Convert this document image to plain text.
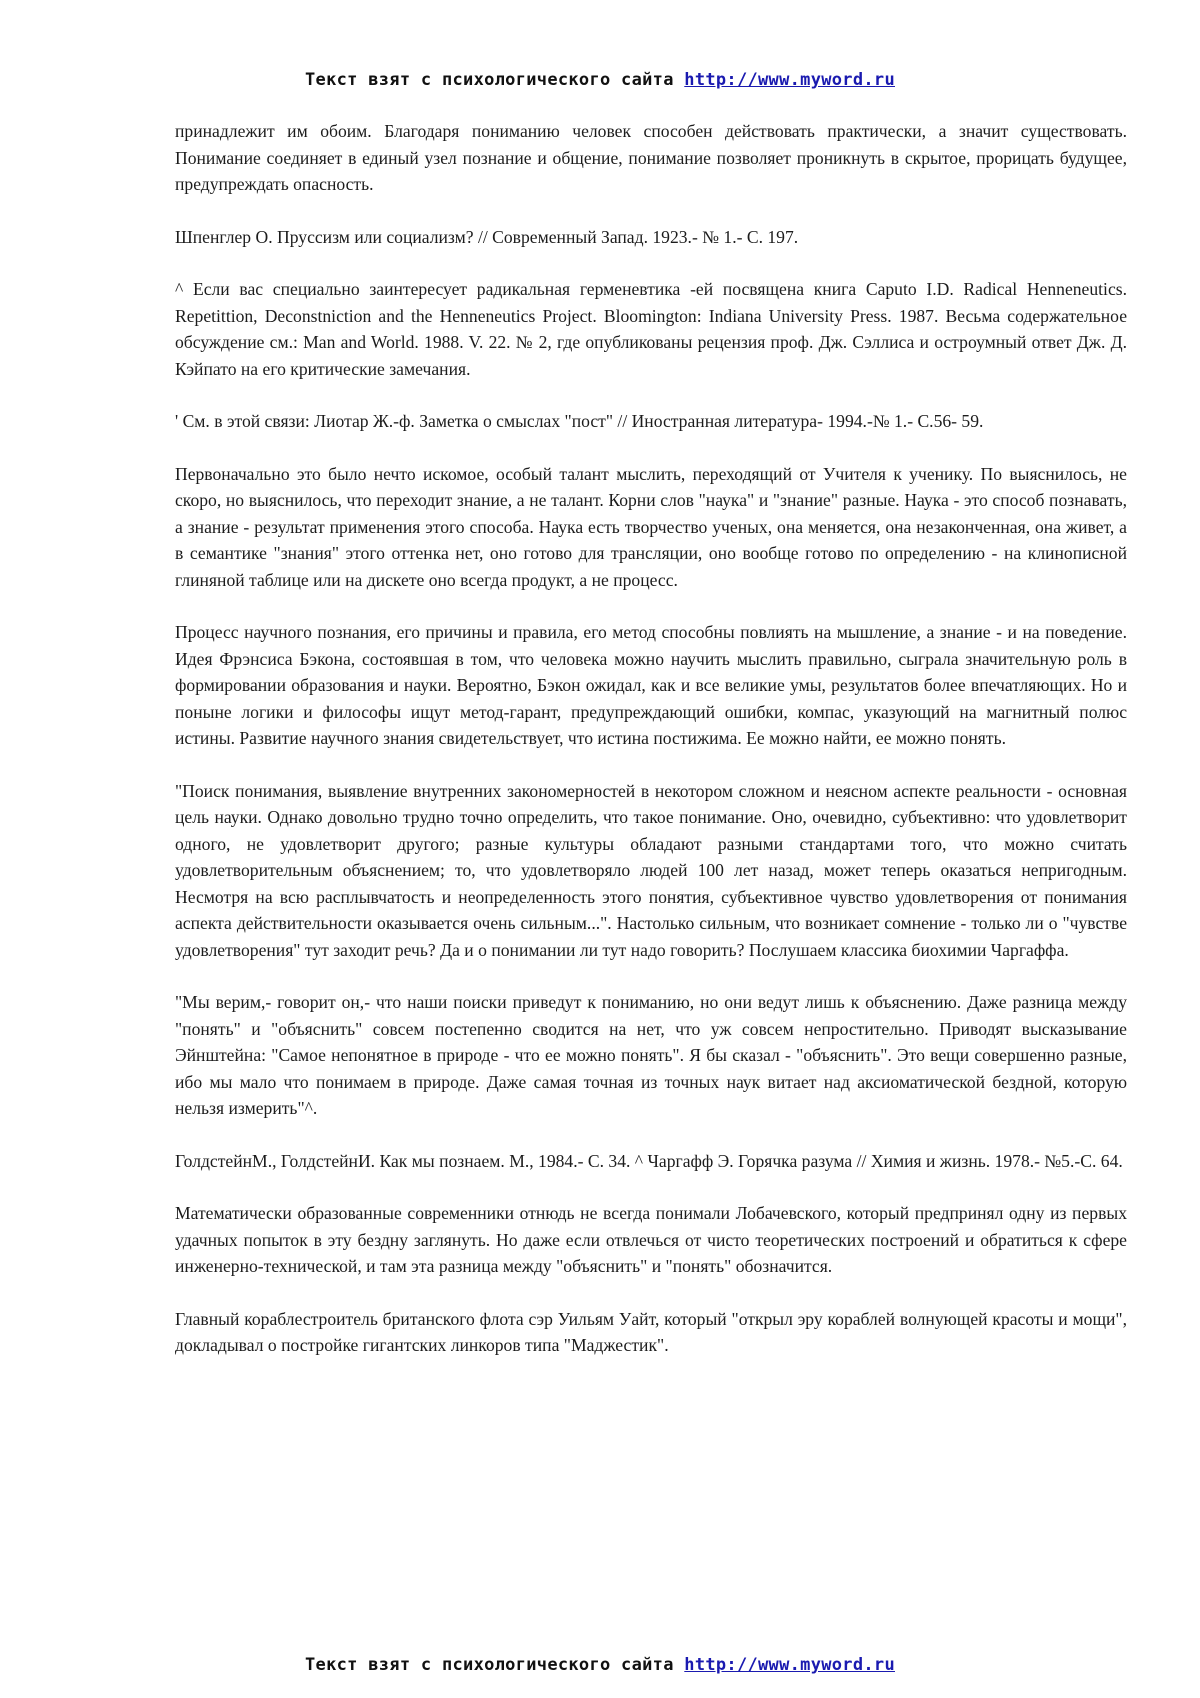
Текст взят с психологического сайта http://www.myword.ru

принадлежит им обоим. Благодаря пониманию человек способен действовать практически, а значит существовать. Понимание соединяет в единый узел познание и общение, понимание позволяет проникнуть в скрытое, прорицать будущее, предупреждать опасность.

Шпенглер О. Пруссизм или социализм? // Современный Запад. 1923.- № 1.- С. 197.

^ Если вас специально заинтересует радикальная герменевтика -ей посвящена книга Caputo I.D. Radical Henneneutics. Repetittion, Deconstniction and the Henneneutics Project. Bloomington: Indiana University Press. 1987. Весьма содержательное обсуждение см.: Man and World. 1988. V. 22. № 2, где опубликованы рецензия проф. Дж. Сэллиса и остроумный ответ Дж. Д. Кэйпато на его критические замечания.

' См. в этой связи: Лиотар Ж.-ф. Заметка о смыслах "пост" // Иностранная литература- 1994.-№ 1.- С.56- 59.

Первоначально это было нечто искомое, особый талант мыслить, переходящий от Учителя к ученику. По выяснилось, не скоро, но выяснилось, что переходит знание, а не талант. Корни слов "наука" и "знание" разные. Наука - это способ познавать, а знание - результат применения этого способа. Наука есть творчество ученых, она меняется, она незаконченная, она живет, а в семантике "знания" этого оттенка нет, оно готово для трансляции, оно вообще готово по определению - на клинописной глиняной таблице или на дискете оно всегда продукт, а не процесс.

Процесс научного познания, его причины и правила, его метод способны повлиять на мышление, а знание - и на поведение. Идея Фрэнсиса Бэкона, состоявшая в том, что человека можно научить мыслить правильно, сыграла значительную роль в формировании образования и науки. Вероятно, Бэкон ожидал, как и все великие умы, результатов более впечатляющих. Но и поныне логики и философы ищут метод-гарант, предупреждающий ошибки, компас, указующий на магнитный полюс истины. Развитие научного знания свидетельствует, что истина постижима. Ее можно найти, ее можно понять.

"Поиск понимания, выявление внутренних закономерностей в некотором сложном и неясном аспекте реальности - основная цель науки. Однако довольно трудно точно определить, что такое понимание. Оно, очевидно, субъективно: что удовлетворит одного, не удовлетворит другого; разные культуры обладают разными стандартами того, что можно считать удовлетворительным объяснением; то, что удовлетворяло людей 100 лет назад, может теперь оказаться непригодным. Несмотря на всю расплывчатость и неопределенность этого понятия, субъективное чувство удовлетворения от понимания аспекта действительности оказывается очень сильным...". Настолько сильным, что возникает сомнение - только ли о "чувстве удовлетворения" тут заходит речь? Да и о понимании ли тут надо говорить? Послушаем классика биохимии Чаргаффа.

"Мы верим,- говорит он,- что наши поиски приведут к пониманию, но они ведут лишь к объяснению. Даже разница между "понять" и "объяснить" совсем постепенно сводится на нет, что уж совсем непростительно. Приводят высказывание Эйнштейна: "Самое непонятное в природе - что ее можно понять". Я бы сказал - "объяснить". Это вещи совершенно разные, ибо мы мало что понимаем в природе. Даже самая точная из точных наук витает над аксиоматической бездной, которую нельзя измерить"^.

ГолдстейнМ., ГолдстейнИ. Как мы познаем. М., 1984.- С. 34. ^ Чаргафф Э. Горячка разума // Химия и жизнь. 1978.- №5.-С. 64.

Математически образованные современники отнюдь не всегда понимали Лобачевского, который предпринял одну из первых удачных попыток в эту бездну заглянуть. Но даже если отвлечься от чисто теоретических построений и обратиться к сфере инженерно-технической, и там эта разница между "объяснить" и "понять" обозначится.

Главный кораблестроитель британского флота сэр Уильям Уайт, который "открыл эру кораблей волнующей красоты и мощи", докладывал о постройке гигантских линкоров типа "Маджестик".

Текст взят с психологического сайта http://www.myword.ru
